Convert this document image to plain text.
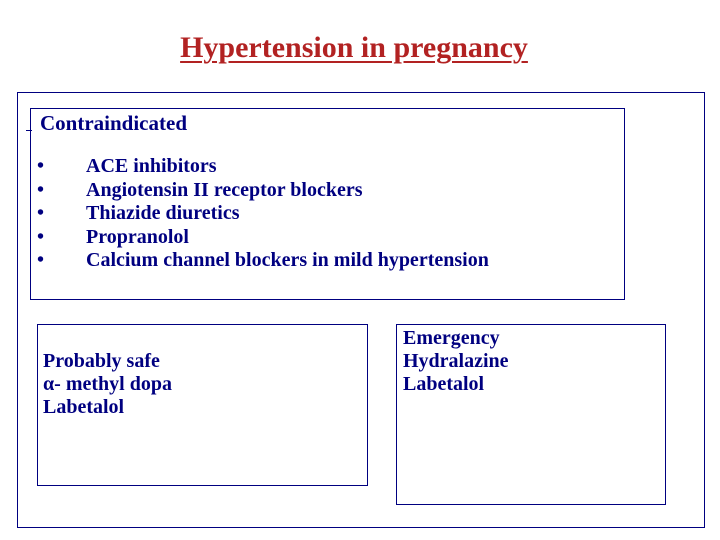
Hypertension in pregnancy
Contraindicated
• ACE inhibitors
• Angiotensin II receptor blockers
• Thiazide diuretics
• Propranolol
• Calcium channel blockers in mild hypertension
Probably safe
α- methyl dopa
Labetalol
Emergency
Hydralazine
Labetalol
